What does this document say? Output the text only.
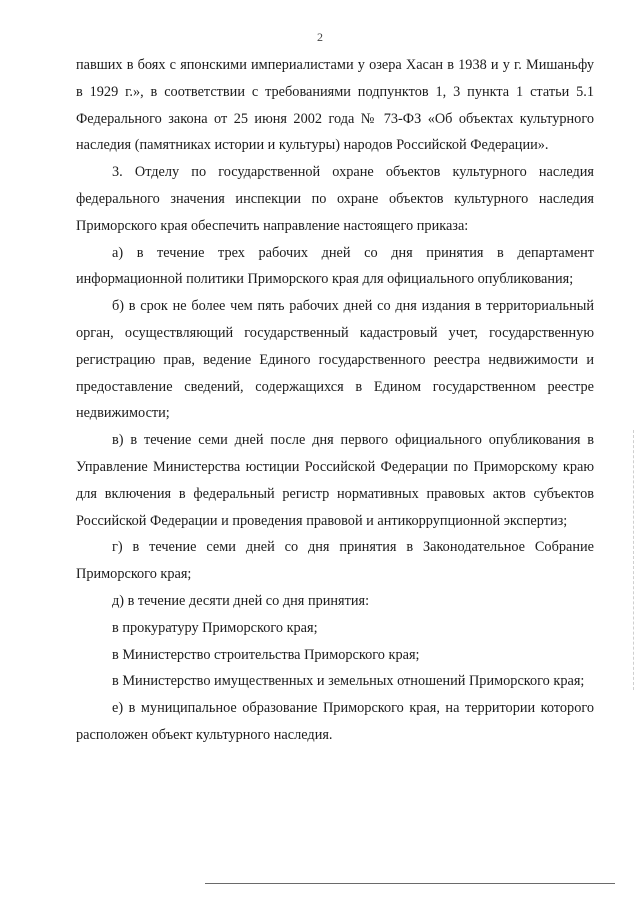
2

павших в боях с японскими империалистами у озера Хасан в 1938 и у г. Мишаньфу в 1929 г.», в соответствии с требованиями подпунктов 1, 3 пункта 1 статьи 5.1 Федерального закона от 25 июня 2002 года № 73-ФЗ «Об объектах культурного наследия (памятниках истории и культуры) народов Российской Федерации».

3. Отделу по государственной охране объектов культурного наследия федерального значения инспекции по охране объектов культурного наследия Приморского края обеспечить направление настоящего приказа:

а) в течение трех рабочих дней со дня принятия в департамент информационной политики Приморского края для официального опубликования;

б) в срок не более чем пять рабочих дней со дня издания в территориальный орган, осуществляющий государственный кадастровый учет, государственную регистрацию прав, ведение Единого государственного реестра недвижимости и предоставление сведений, содержащихся в Едином государственном реестре недвижимости;

в) в течение семи дней после дня первого официального опубликования в Управление Министерства юстиции Российской Федерации по Приморскому краю для включения в федеральный регистр нормативных правовых актов субъектов Российской Федерации и проведения правовой и антикоррупционной экспертиз;

г) в течение семи дней со дня принятия в Законодательное Собрание Приморского края;

д) в течение десяти дней со дня принятия:

в прокуратуру Приморского края;

в Министерство строительства Приморского края;

в Министерство имущественных и земельных отношений Приморского края;

е) в муниципальное образование Приморского края, на территории которого расположен объект культурного наследия.
